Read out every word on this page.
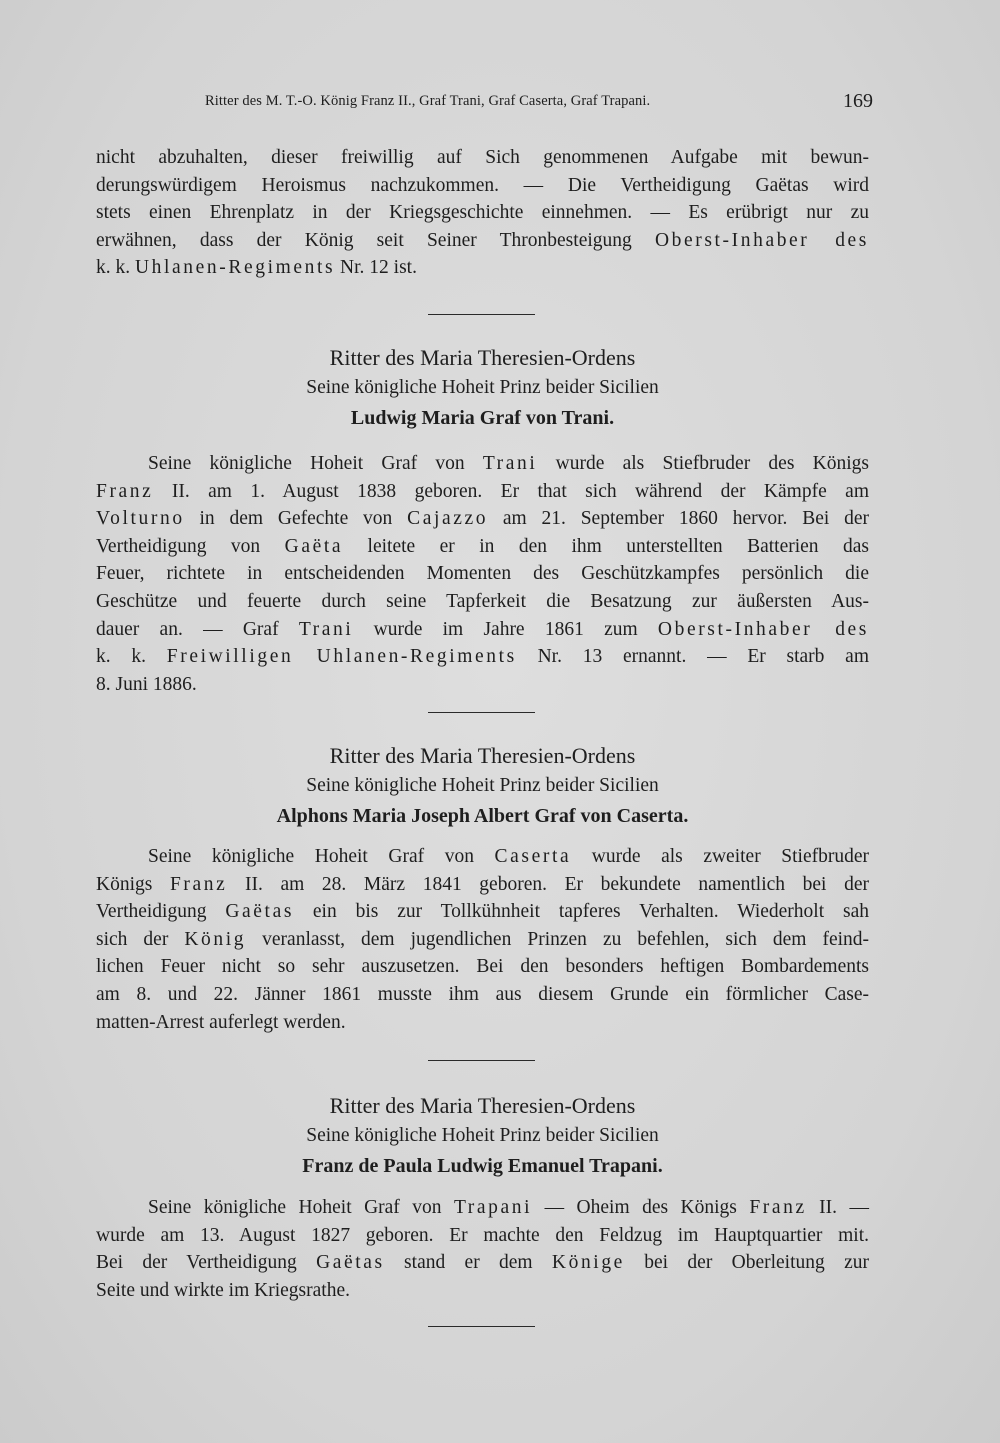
Ritter des M. T.-O. König Franz II., Graf Trani, Graf Caserta, Graf Trapani.	169
nicht abzuhalten, dieser freiwillig auf Sich genommenen Aufgabe mit bewun-
derungswürdigem Heroismus nachzukommen. — Die Vertheidigung Gaëtas wird
stets einen Ehrenplatz in der Kriegsgeschichte einnehmen. — Es erübrigt nur zu
erwähnen, dass der König seit Seiner Thronbesteigung Oberst-Inhaber des
k. k. Uhlanen-Regiments Nr. 12 ist.
Ritter des Maria Theresien-Ordens
Seine königliche Hoheit Prinz beider Sicilien
Ludwig Maria Graf von Trani.
Seine königliche Hoheit Graf von Trani wurde als Stiefbruder des Königs
Franz II. am 1. August 1838 geboren. Er that sich während der Kämpfe am
Volturno in dem Gefechte von Cajazzo am 21. September 1860 hervor. Bei der
Vertheidigung von Gaëta leitete er in den ihm unterstellten Batterien das
Feuer, richtete in entscheidenden Momenten des Geschützkampfes persönlich die
Geschütze und feuerte durch seine Tapferkeit die Besatzung zur äußersten Aus-
dauer an. — Graf Trani wurde im Jahre 1861 zum Oberst-Inhaber des
k. k. Freiwilligen Uhlanen-Regiments Nr. 13 ernannt. — Er starb am
8. Juni 1886.
Ritter des Maria Theresien-Ordens
Seine königliche Hoheit Prinz beider Sicilien
Alphons Maria Joseph Albert Graf von Caserta.
Seine königliche Hoheit Graf von Caserta wurde als zweiter Stiefbruder
Königs Franz II. am 28. März 1841 geboren. Er bekundete namentlich bei der
Vertheidigung Gaëtas ein bis zur Tollkühnheit tapferes Verhalten. Wiederholt sah
sich der König veranlasst, dem jugendlichen Prinzen zu befehlen, sich dem feind-
lichen Feuer nicht so sehr auszusetzen. Bei den besonders heftigen Bombardements
am 8. und 22. Jänner 1861 musste ihm aus diesem Grunde ein förmlicher Case-
matten-Arrest auferlegt werden.
Ritter des Maria Theresien-Ordens
Seine königliche Hoheit Prinz beider Sicilien
Franz de Paula Ludwig Emanuel Trapani.
Seine königliche Hoheit Graf von Trapani — Oheim des Königs Franz II. —
wurde am 13. August 1827 geboren. Er machte den Feldzug im Hauptquartier mit.
Bei der Vertheidigung Gaëtas stand er dem Könige bei der Oberleitung zur
Seite und wirkte im Kriegsrathe.
